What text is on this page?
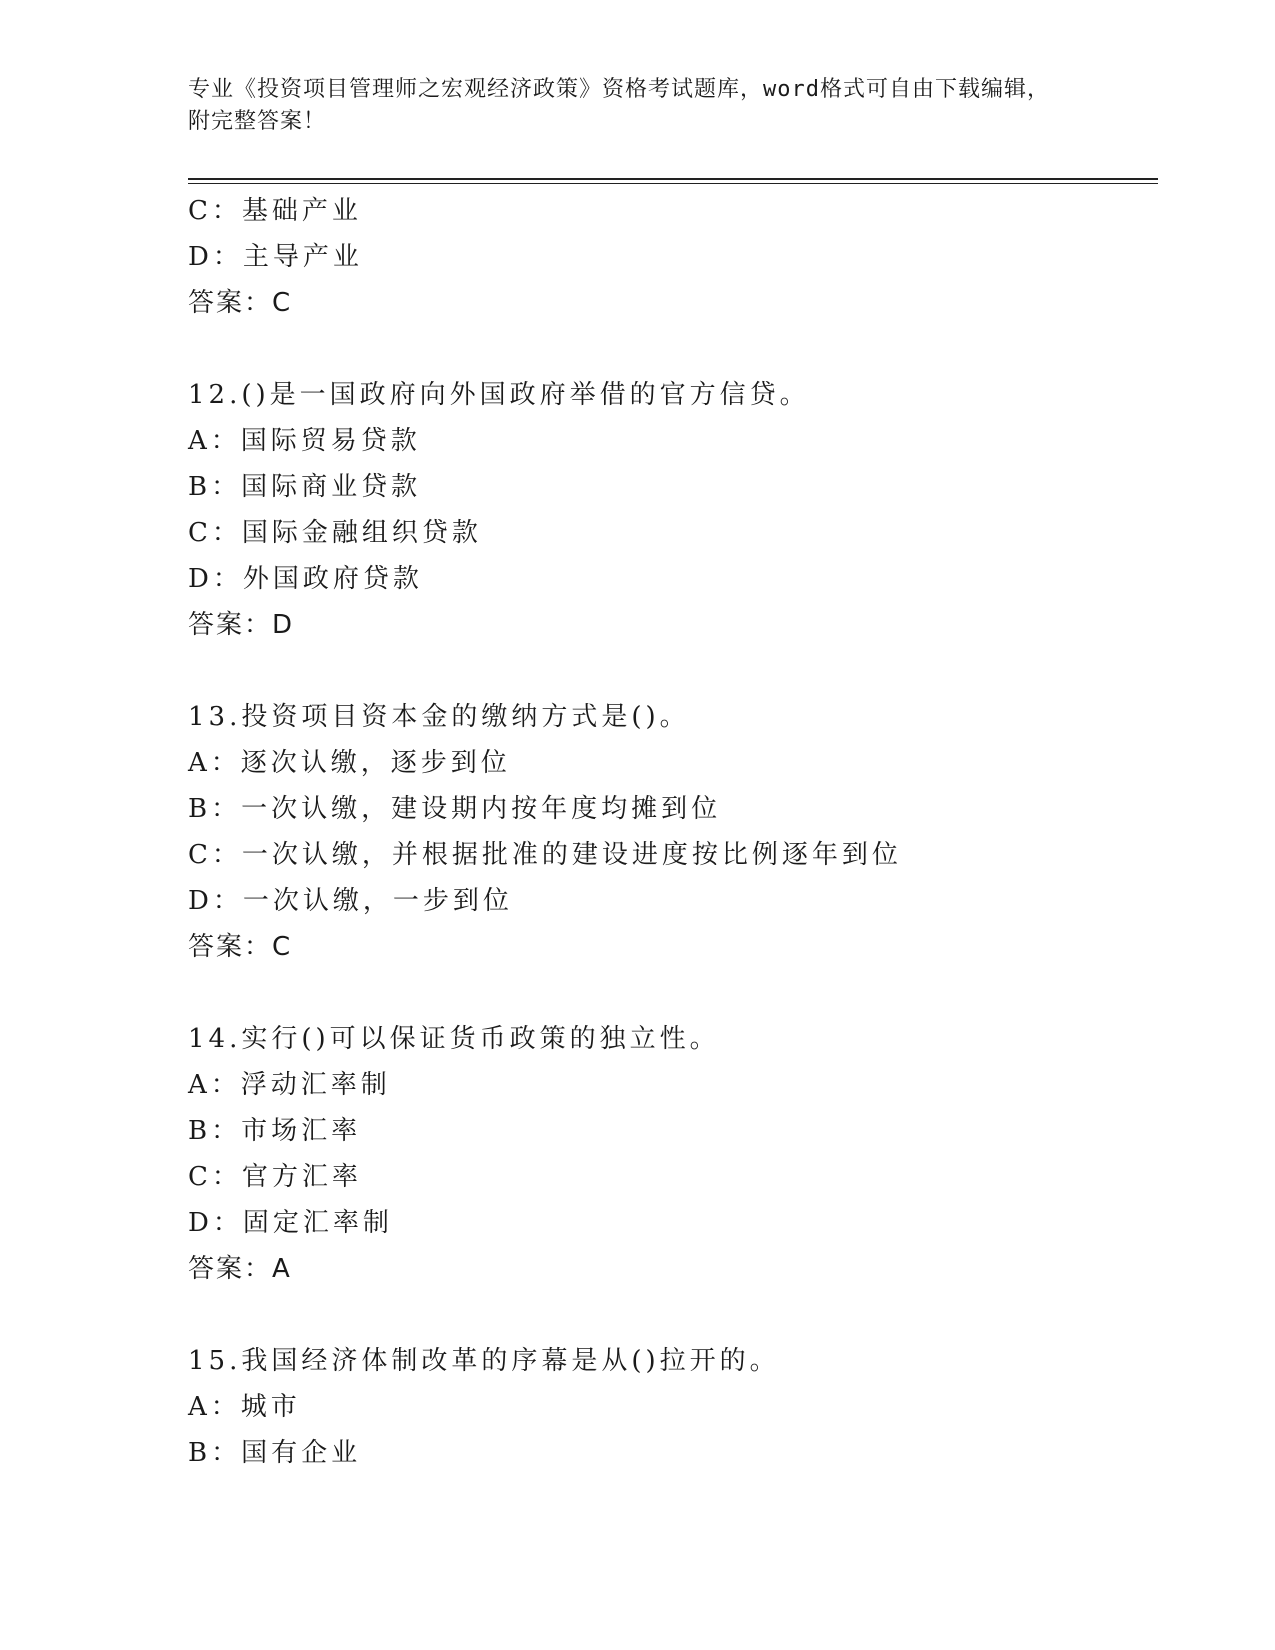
专业《投资项目管理师之宏观经济政策》资格考试题库，word格式可自由下载编辑，附完整答案！
C：基础产业
D：主导产业
答案：C
12.()是一国政府向外国政府举借的官方信贷。
A：国际贸易贷款
B：国际商业贷款
C：国际金融组织贷款
D：外国政府贷款
答案：D
13.投资项目资本金的缴纳方式是()。
A：逐次认缴，逐步到位
B：一次认缴，建设期内按年度均摊到位
C：一次认缴，并根据批准的建设进度按比例逐年到位
D：一次认缴，一步到位
答案：C
14.实行()可以保证货币政策的独立性。
A：浮动汇率制
B：市场汇率
C：官方汇率
D：固定汇率制
答案：A
15.我国经济体制改革的序幕是从()拉开的。
A：城市
B：国有企业
